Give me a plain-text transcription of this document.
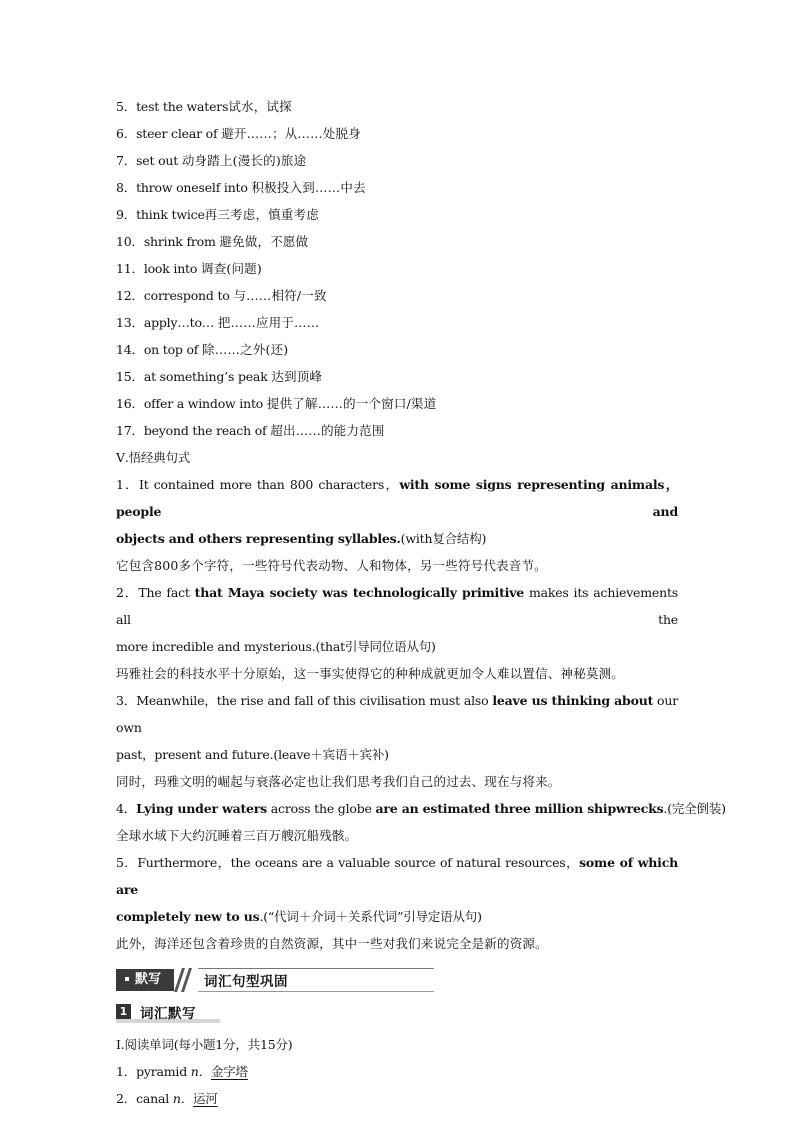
5．test the waters试水，试探
6．steer clear of 避开……；从……处脱身
7．set out 动身踏上(漫长的)旅途
8．throw oneself into 积极投入到……中去
9．think twice再三考虑，慎重考虑
10．shrink from 避免做，不愿做
11．look into 调查(问题)
12．correspond to 与……相符/一致
13．apply…to… 把……应用于……
14．on top of 除……之外(还)
15．at something’s peak 达到顶峰
16．offer a window into 提供了解……的一个窗口/渠道
17．beyond the reach of 超出……的能力范围
Ⅴ.悟经典句式
1．It contained more than 800 characters，with some signs representing animals，people and
objects and others representing syllables.(with复合结构)
它包含800多个字符，一些符号代表动物、人和物体，另一些符号代表音节。
2．The fact that Maya society was technologically primitive makes its achievements all the
more incredible and mysterious.(that引导同位语从句)
玛雅社会的科技水平十分原始，这一事实使得它的种种成就更加令人难以置信、神秘莫测。
3．Meanwhile，the rise and fall of this civilisation must also leave us thinking about our own
past，present and future.(leave＋宾语＋宾补)
同时，玛雅文明的崛起与衰落必定也让我们思考我们自己的过去、现在与将来。
4．Lying under waters across the globe are an estimated three million shipwrecks.(完全倒装)
全球水域下大约沉睡着三百万艘沉船残骸。
5．Furthermore，the oceans are a valuable source of natural resources，some of which are
completely new to us.(“代词＋介词＋关系代词”引导定语从句)
此外，海洋还包含着珍贵的自然资源，其中一些对我们来说完全是新的资源。
默写	词汇句型巩固
1 词汇默写
Ⅰ.阅读单词(每小题1分，共15分)
1．pyramid n．金字塔
2．canal n．运河
